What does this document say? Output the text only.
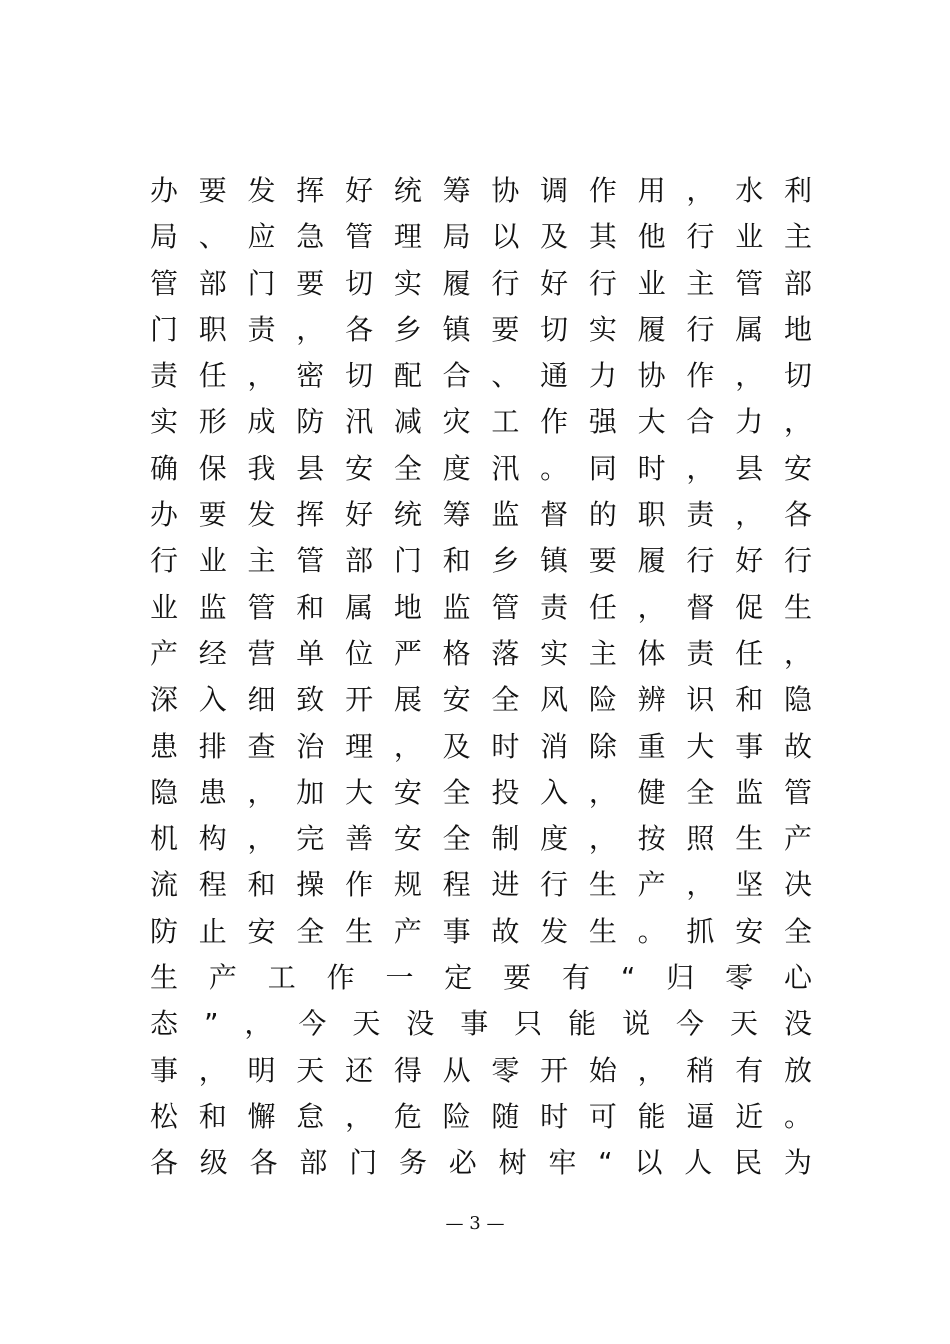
办 要 发 挥 好 统 筹 协 调 作 用 ， 水 利
局 、 应 急 管 理 局 以 及 其 他 行 业 主
管 部 门 要 切 实 履 行 好 行 业 主 管 部
门 职 责 ， 各 乡 镇 要 切 实 履 行 属 地
责 任 ， 密 切 配 合 、 通 力 协 作 ， 切
实 形 成 防 汛 减 灾 工 作 强 大 合 力 ，
确 保 我 县 安 全 度 汛 。 同 时 ， 县 安
办 要 发 挥 好 统 筹 监 督 的 职 责 ， 各
行 业 主 管 部 门 和 乡 镇 要 履 行 好 行
业 监 管 和 属 地 监 管 责 任 ， 督 促 生
产 经 营 单 位 严 格 落 实 主 体 责 任 ，
深 入 细 致 开 展 安 全 风 险 辨 识 和 隐
患 排 查 治 理 ， 及 时 消 除 重 大 事 故
隐 患 ， 加 大 安 全 投 入 ， 健 全 监 管
机 构 ， 完 善 安 全 制 度 ， 按 照 生 产
流 程 和 操 作 规 程 进 行 生 产 ， 坚 决
防 止 安 全 生 产 事 故 发 生 。 抓 安 全
生 产 工 作 一 定 要 有 “ 归 零 心
态 ” ， 今 天 没 事 只 能 说 今 天 没
事 ， 明 天 还 得 从 零 开 始 ， 稍 有 放
松 和 懈 怠 ， 危 险 随 时 可 能 逼 近 。
各 级 各 部 门 务 必 树 牢 “ 以 人 民 为
— 3 —
